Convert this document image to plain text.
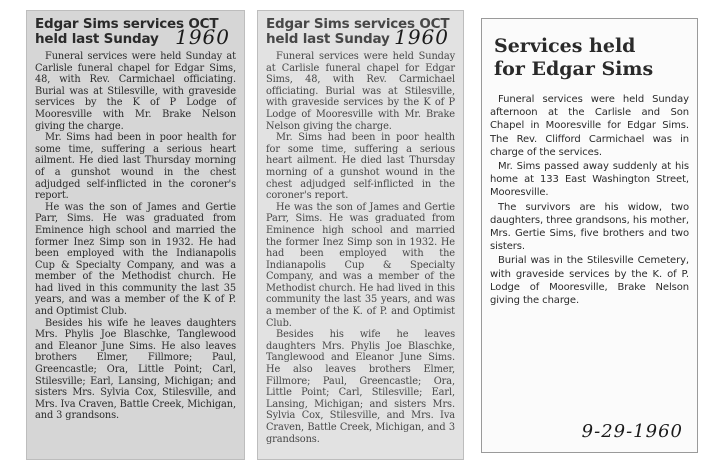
Edgar Sims services OCT
held last Sunday 1960

Funeral services were held Sunday at Carlisle funeral chapel for Edgar Sims, 48, with Rev. Carmichael officiating. Burial was at Stilesville, with graveside services by the K of P Lodge of Mooresville with Mr. Brake Nelson giving the charge.

Mr. Sims had been in poor health for some time, suffering a serious heart ailment. He died last Thursday morning of a gunshot wound in the chest adjudged self-inflicted in the coroner's report.

He was the son of James and Gertie Parr, Sims. He was graduated from Eminence high school and married the former Inez Simp son in 1932. He had been employed with the Indianapolis Cup & Specialty Company, and was a member of the Methodist church. He had lived in this community the last 35 years, and was a member of the K of P. and Optimist Club.

Besides his wife he leaves daughters Mrs. Phylis Joe Blaschke, Tanglewood and Eleanor June Sims. He also leaves brothers Elmer, Fillmore; Paul, Greencastle; Ora, Little Point; Carl, Stilesville; Earl, Lansing, Michigan; and sisters Mrs. Sylvia Cox, Stilesville, and Mrs. Iva Craven, Battle Creek, Michigan, and 3 grandsons.

Edgar Sims services OCT
held last Sunday 1960

Funeral services were held Sunday at Carlisle funeral chapel for Edgar Sims, 48, with Rev. Carmichael officiating. Burial was at Stilesville, with graveside services by the K of P Lodge of Mooresville with Mr. Brake Nelson giving the charge.

Mr. Sims had been in poor health for some time, suffering a serious heart ailment. He died last Thursday morning of a gunshot wound in the chest adjudged self-inflicted in the coroner's report.

He was the son of James and Gertie Parr, Sims. He was graduated from Eminence high school and married the former Inez Simp son in 1932. He had been employed with the Indianapolis Cup & Specialty Company, and was a member of the Methodist church. He had lived in this community the last 35 years, and was a member of the K. of P. and Optimist Club.

Besides his wife he leaves daughters Mrs. Phylis Joe Blaschke, Tanglewood and Eleanor June Sims. He also leaves brothers Elmer, Fillmore; Paul, Greencastle; Ora, Little Point; Carl, Stilesville; Earl, Lansing, Michigan; and sisters Mrs. Sylvia Cox, Stilesville, and Mrs. Iva Craven, Battle Creek, Michigan, and 3 grandsons.

Services held
for Edgar Sims

Funeral services were held Sunday afternoon at the Carlisle and Son Chapel in Mooresville for Edgar Sims. The Rev. Clifford Carmichael was in charge of the services.

Mr. Sims passed away suddenly at his home at 133 East Washington Street, Mooresville.

The survivors are his widow, two daughters, three grandsons, his mother, Mrs. Gertie Sims, five brothers and two sisters.

Burial was in the Stilesville Cemetery, with graveside services by the K. of P. Lodge of Mooresville, Brake Nelson giving the charge.

9-29-1960
